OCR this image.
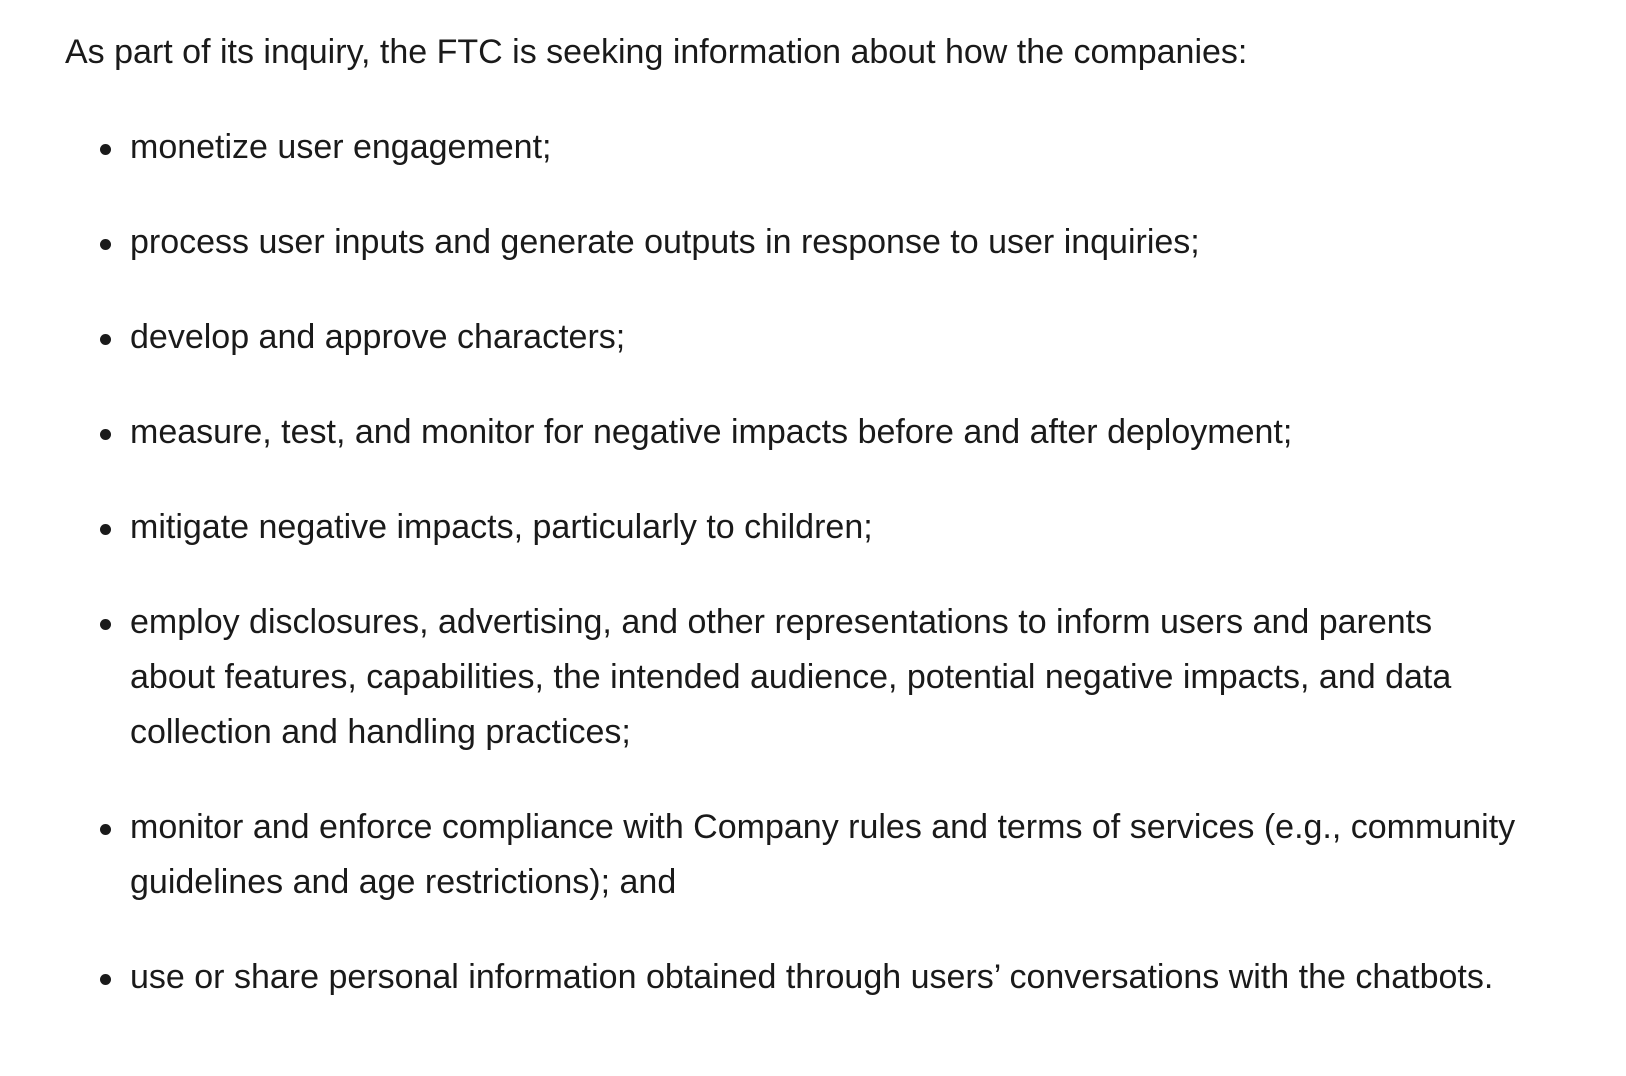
As part of its inquiry, the FTC is seeking information about how the companies:

monetize user engagement;
process user inputs and generate outputs in response to user inquiries;
develop and approve characters;
measure, test, and monitor for negative impacts before and after deployment;
mitigate negative impacts, particularly to children;
employ disclosures, advertising, and other representations to inform users and parents about features, capabilities, the intended audience, potential negative impacts, and data collection and handling practices;
monitor and enforce compliance with Company rules and terms of services (e.g., community guidelines and age restrictions); and
use or share personal information obtained through users’ conversations with the chatbots.
